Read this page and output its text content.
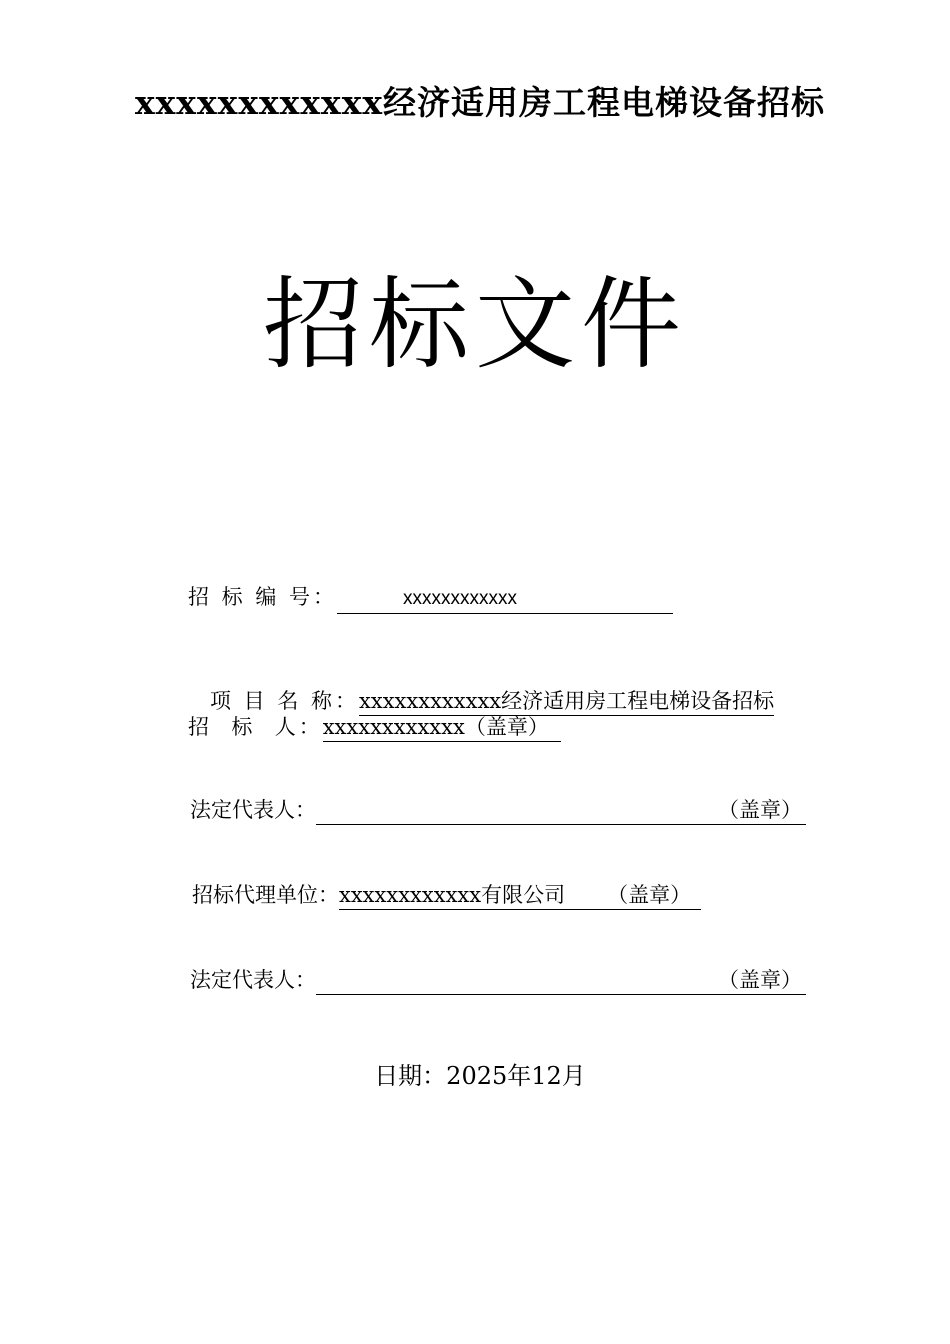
xxxxxxxxxxxx经济适用房工程电梯设备招标
招标文件
招 标 编 号：	xxxxxxxxxxxx
项 目 名 称：xxxxxxxxxxxx经济适用房工程电梯设备招标
招  标  人：xxxxxxxxxxxx（盖章）
法定代表人：	（盖章）
招标代理单位：xxxxxxxxxxxx有限公司 （盖章）
法定代表人：	（盖章）
日期：2025年12月
